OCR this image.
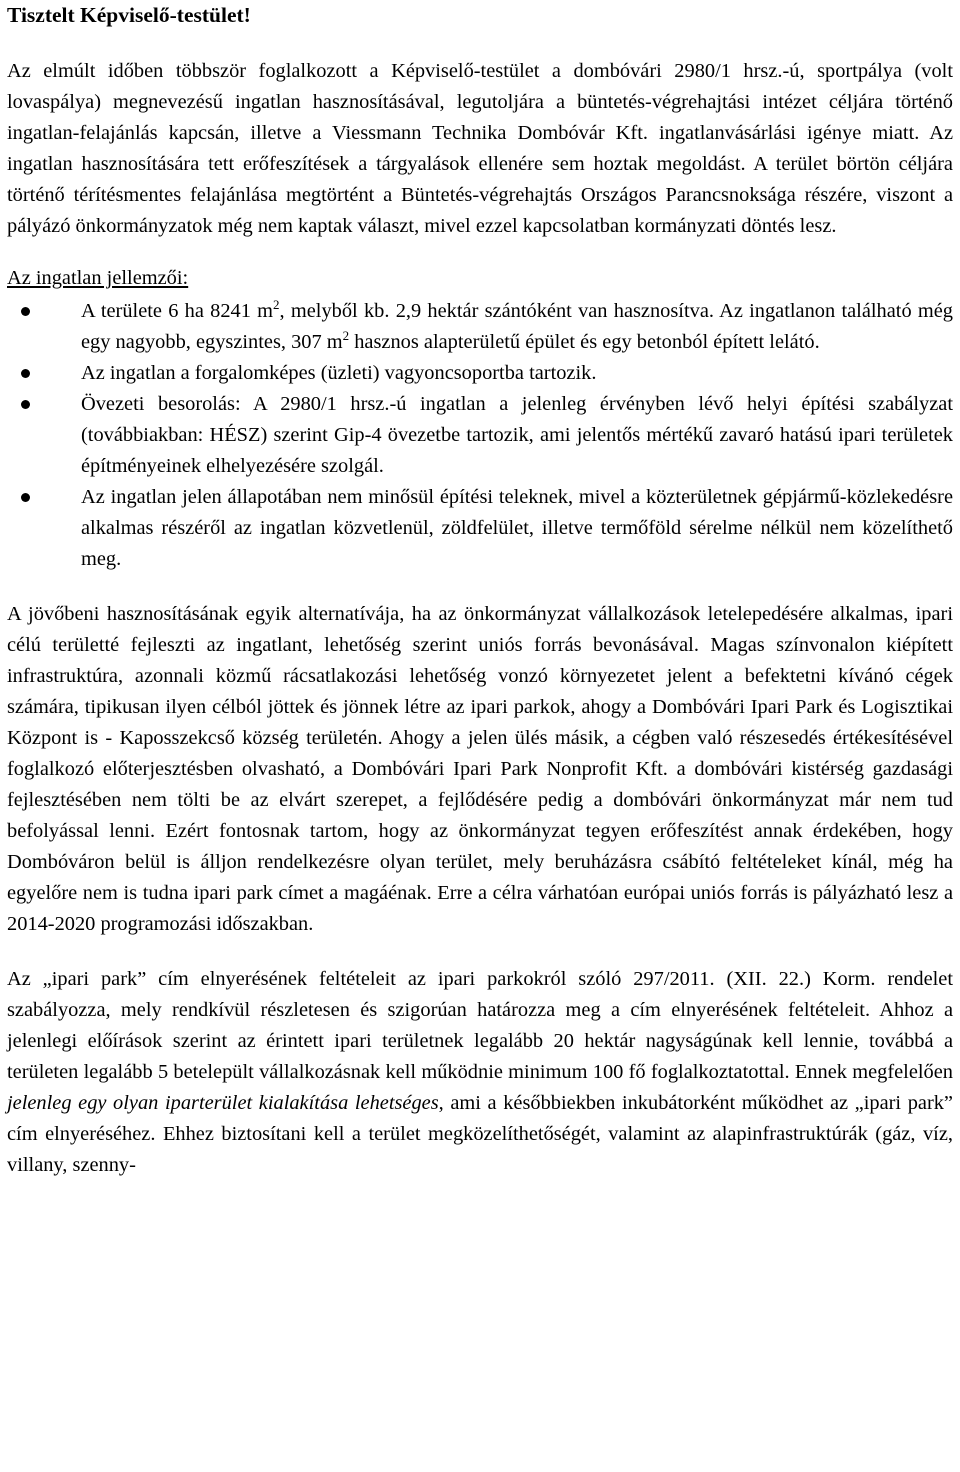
Tisztelt Képviselő-testület!

Az elmúlt időben többször foglalkozott a Képviselő-testület a dombóvári 2980/1 hrsz.-ú, sportpálya (volt lovaspálya) megnevezésű ingatlan hasznosításával, legutoljára a büntetés-végrehajtási intézet céljára történő ingatlan-felajánlás kapcsán, illetve a Viessmann Technika Dombóvár Kft. ingatlanvásárlási igénye miatt. Az ingatlan hasznosítására tett erőfeszítések a tárgyalások ellenére sem hoztak megoldást. A terület börtön céljára történő térítésmentes felajánlása megtörtént a Büntetés-végrehajtás Országos Parancsnoksága részére, viszont a pályázó önkormányzatok még nem kaptak választ, mivel ezzel kapcsolatban kormányzati döntés lesz.

Az ingatlan jellemzői:

A területe 6 ha 8241 $m^2$, melyből kb. 2,9 hektár szántóként van hasznosítva. Az ingatlanon található még egy nagyobb, egyszintes, 307 $m^2$ hasznos alapterületű épület és egy betonból épített lelátó.
Az ingatlan a forgalomképes (üzleti) vagyoncsoportba tartozik.
Övezeti besorolás: A 2980/1 hrsz.-ú ingatlan a jelenleg érvényben lévő helyi építési szabályzat (továbbiakban: HÉSZ) szerint Gip-4 övezetbe tartozik, ami jelentős mértékű zavaró hatású ipari területek építményeinek elhelyezésére szolgál.
Az ingatlan jelen állapotában nem minősül építési teleknek, mivel a közterületnek gépjármű-közlekedésre alkalmas részéről az ingatlan közvetlenül, zöldfelület, illetve termőföld sérelme nélkül nem közelíthető meg.

A jövőbeni hasznosításának egyik alternatívája, ha az önkormányzat vállalkozások letelepedésére alkalmas, ipari célú területté fejleszti az ingatlant, lehetőség szerint uniós forrás bevonásával. Magas színvonalon kiépített infrastruktúra, azonnali közmű rácsatlakozási lehetőség vonzó környezetet jelent a befektetni kívánó cégek számára, tipikusan ilyen célból jöttek és jönnek létre az ipari parkok, ahogy a Dombóvári Ipari Park és Logisztikai Központ is - Kaposszekcső község területén. Ahogy a jelen ülés másik, a cégben való részesedés értékesítésével foglalkozó előterjesztésben olvasható, a Dombóvári Ipari Park Nonprofit Kft. a dombóvári kistérség gazdasági fejlesztésében nem tölti be az elvárt szerepet, a fejlődésére pedig a dombóvári önkormányzat már nem tud befolyással lenni. Ezért fontosnak tartom, hogy az önkormányzat tegyen erőfeszítést annak érdekében, hogy Dombóváron belül is álljon rendelkezésre olyan terület, mely beruházásra csábító feltételeket kínál, még ha egyelőre nem is tudna ipari park címet a magáénak. Erre a célra várhatóan európai uniós forrás is pályázható lesz a 2014-2020 programozási időszakban.

Az „ipari park” cím elnyerésének feltételeit az ipari parkokról szóló 297/2011. (XII. 22.) Korm. rendelet szabályozza, mely rendkívül részletesen és szigorúan határozza meg a cím elnyerésének feltételeit. Ahhoz a jelenlegi előírások szerint az érintett ipari területnek legalább 20 hektár nagyságúnak kell lennie, továbbá a területen legalább 5 betelepült vállalkozásnak kell működnie minimum 100 fő foglalkoztatottal. Ennek megfelelően jelenleg egy olyan iparterület kialakítása lehetséges, ami a későbbiekben inkubátorként működhet az „ipari park” cím elnyeréséhez. Ehhez biztosítani kell a terület megközelíthetőségét, valamint az alapinfrastruktúrák (gáz, víz, villany, szenny-
